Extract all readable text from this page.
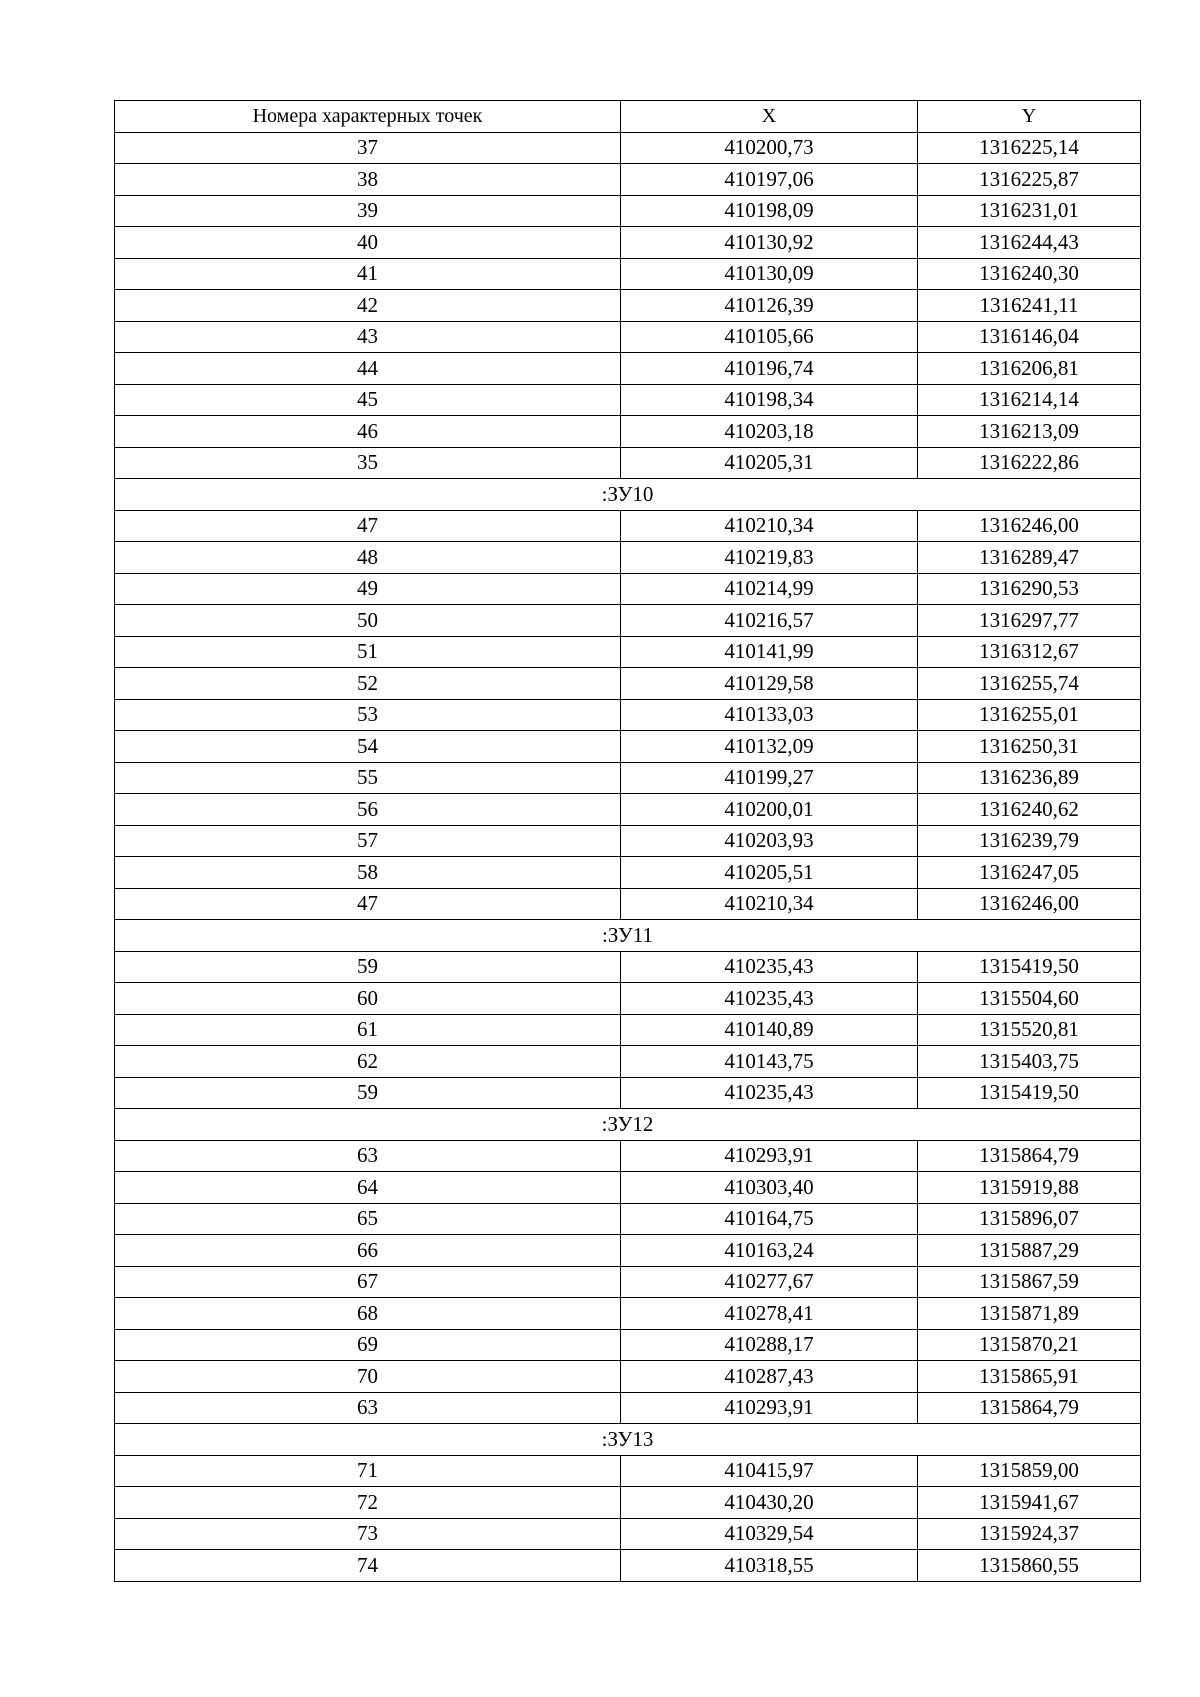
Номера характерных точек	X	Y
37	410200,73	1316225,14
38	410197,06	1316225,87
39	410198,09	1316231,01
40	410130,92	1316244,43
41	410130,09	1316240,30
42	410126,39	1316241,11
43	410105,66	1316146,04
44	410196,74	1316206,81
45	410198,34	1316214,14
46	410203,18	1316213,09
35	410205,31	1316222,86
:ЗУ10		
47	410210,34	1316246,00
48	410219,83	1316289,47
49	410214,99	1316290,53
50	410216,57	1316297,77
51	410141,99	1316312,67
52	410129,58	1316255,74
53	410133,03	1316255,01
54	410132,09	1316250,31
55	410199,27	1316236,89
56	410200,01	1316240,62
57	410203,93	1316239,79
58	410205,51	1316247,05
47	410210,34	1316246,00
:ЗУ11		
59	410235,43	1315419,50
60	410235,43	1315504,60
61	410140,89	1315520,81
62	410143,75	1315403,75
59	410235,43	1315419,50
:ЗУ12		
63	410293,91	1315864,79
64	410303,40	1315919,88
65	410164,75	1315896,07
66	410163,24	1315887,29
67	410277,67	1315867,59
68	410278,41	1315871,89
69	410288,17	1315870,21
70	410287,43	1315865,91
63	410293,91	1315864,79
:ЗУ13		
71	410415,97	1315859,00
72	410430,20	1315941,67
73	410329,54	1315924,37
74	410318,55	1315860,55
